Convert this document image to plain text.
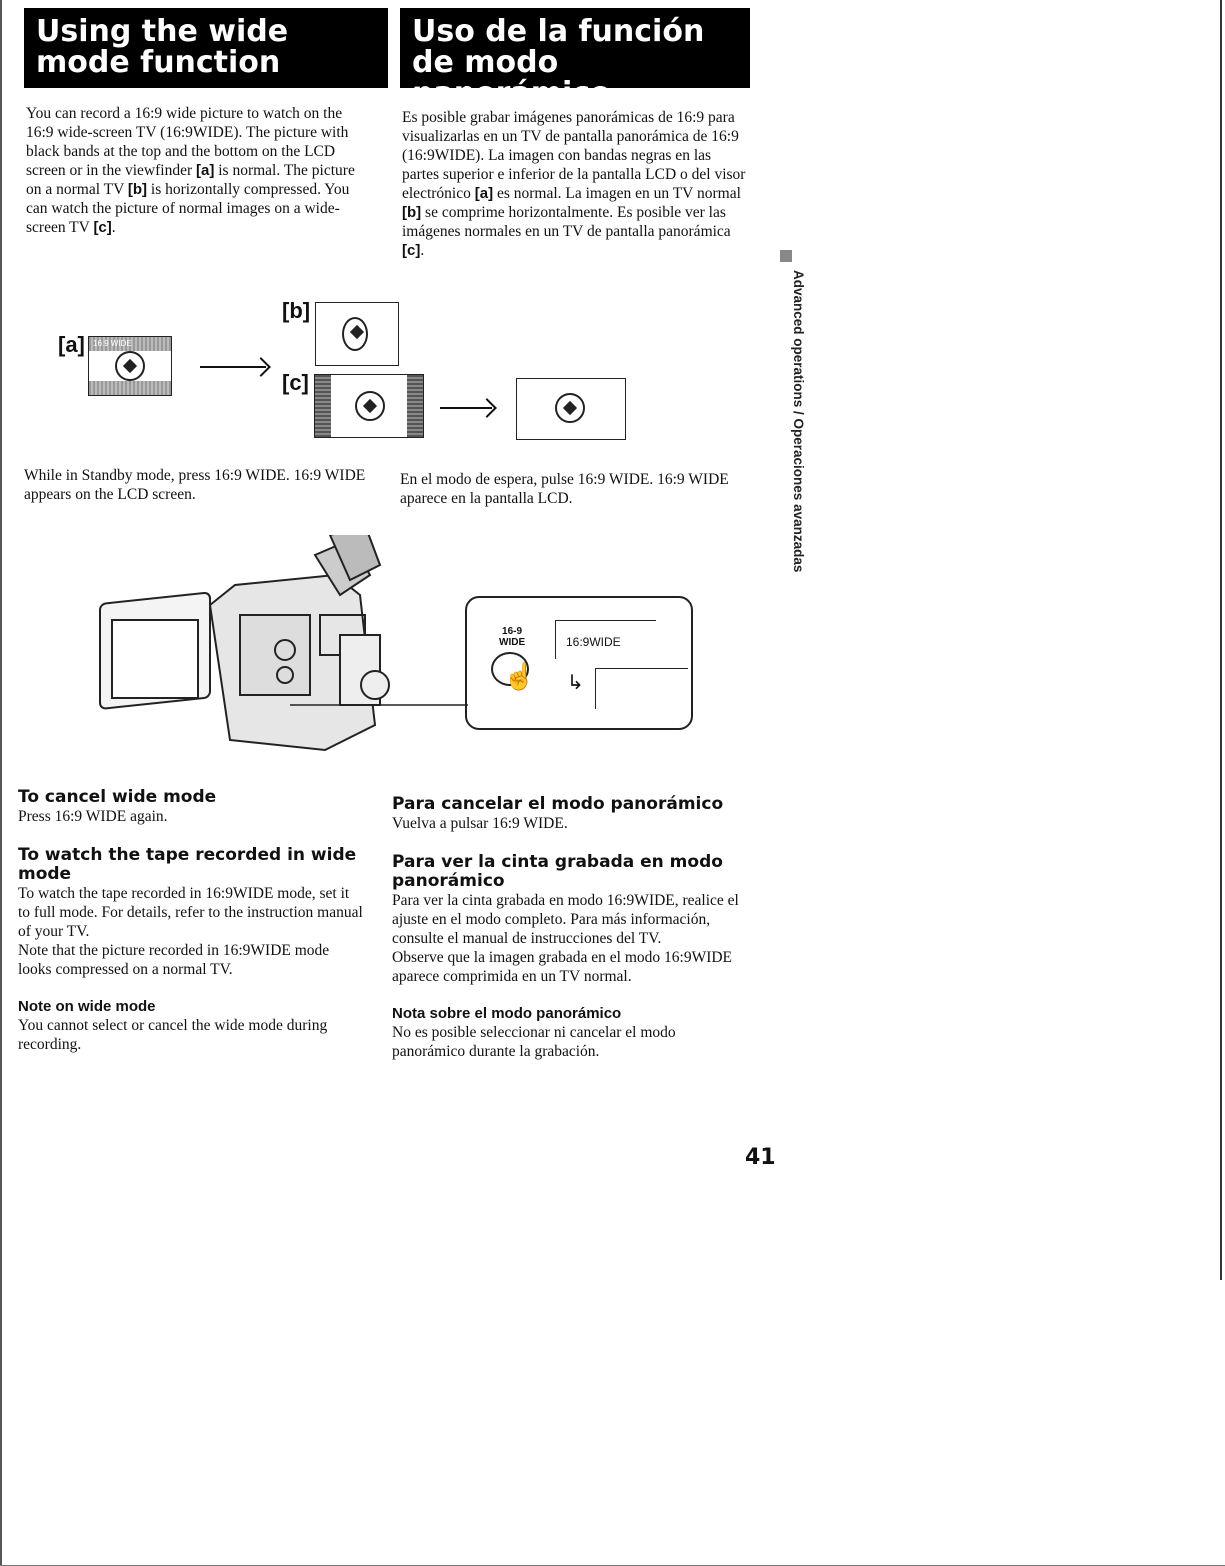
Using the wide mode function
Uso de la función de modo panorámico

You can record a 16:9 wide picture to watch on the 16:9 wide-screen TV (16:9WIDE). The picture with black bands at the top and the bottom on the LCD screen or in the viewfinder [a] is normal. The picture on a normal TV [b] is horizontally compressed. You can watch the picture of normal images on a wide-screen TV [c].

Es posible grabar imágenes panorámicas de 16:9 para visualizarlas en un TV de pantalla panorámica de 16:9 (16:9WIDE). La imagen con bandas negras en las partes superior e inferior de la pantalla LCD o del visor electrónico [a] es normal. La imagen en un TV normal [b] se comprime horizontalmente. Es posible ver las imágenes normales en un TV de pantalla panorámica [c].

Advanced operations / Operaciones avanzadas
[a] 16:9 WIDE
[b]
[c]
While in Standby mode, press 16:9 WIDE. 16:9 WIDE appears on the LCD screen.
En el modo de espera, pulse 16:9 WIDE. 16:9 WIDE aparece en la pantalla LCD.
16-9
WIDE
☝
16:9WIDE
↳

To cancel wide mode

Press 16:9 WIDE again.

To watch the tape recorded in wide mode

To watch the tape recorded in 16:9WIDE mode, set it to full mode. For details, refer to the instruction manual of your TV.

Note that the picture recorded in 16:9WIDE mode looks compressed on a normal TV.

Note on wide mode

You cannot select or cancel the wide mode during recording.

Para cancelar el modo panorámico

Vuelva a pulsar 16:9 WIDE.

Para ver la cinta grabada en modo panorámico

Para ver la cinta grabada en modo 16:9WIDE, realice el ajuste en el modo completo. Para más información, consulte el manual de instrucciones del TV.

Observe que la imagen grabada en el modo 16:9WIDE aparece comprimida en un TV normal.

Nota sobre el modo panorámico

No es posible seleccionar ni cancelar el modo panorámico durante la grabación.

41
